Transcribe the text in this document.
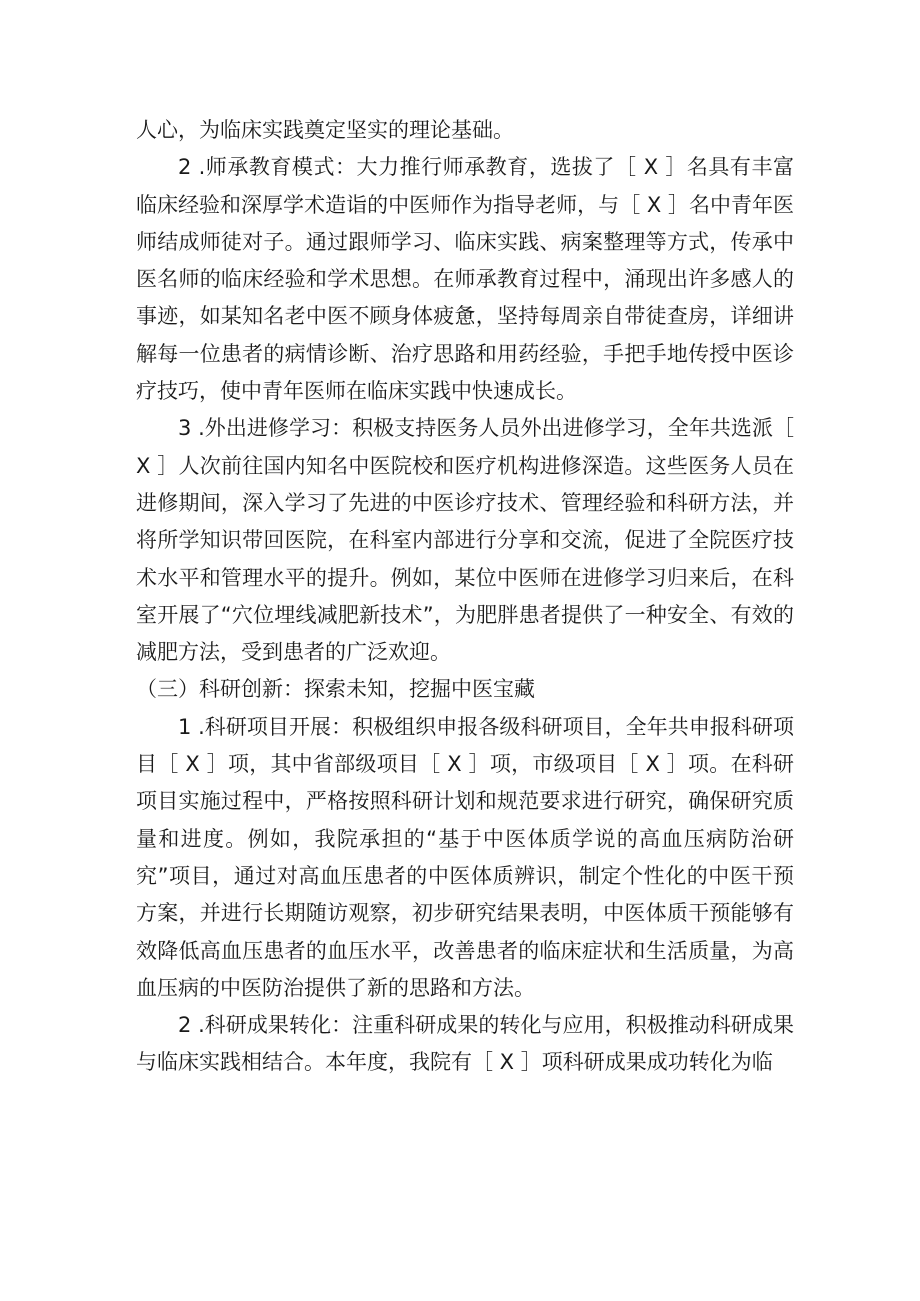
人心，为临床实践奠定坚实的理论基础。

2 .师承教育模式：大力推行师承教育，选拔了［ X ］名具有丰富临床经验和深厚学术造诣的中医师作为指导老师，与［ X ］名中青年医师结成师徒对子。通过跟师学习、临床实践、病案整理等方式，传承中医名师的临床经验和学术思想。在师承教育过程中，涌现出许多感人的事迹，如某知名老中医不顾身体疲惫，坚持每周亲自带徒查房，详细讲解每一位患者的病情诊断、治疗思路和用药经验，手把手地传授中医诊疗技巧，使中青年医师在临床实践中快速成长。

3 .外出进修学习：积极支持医务人员外出进修学习，全年共选派［ X ］人次前往国内知名中医院校和医疗机构进修深造。这些医务人员在进修期间，深入学习了先进的中医诊疗技术、管理经验和科研方法，并将所学知识带回医院，在科室内部进行分享和交流，促进了全院医疗技术水平和管理水平的提升。例如，某位中医师在进修学习归来后，在科室开展了“穴位埋线减肥新技术”，为肥胖患者提供了一种安全、有效的减肥方法，受到患者的广泛欢迎。

（三）科研创新：探索未知，挖掘中医宝藏

1 .科研项目开展：积极组织申报各级科研项目，全年共申报科研项目［ X ］项，其中省部级项目［ X ］项，市级项目［ X ］项。在科研项目实施过程中，严格按照科研计划和规范要求进行研究，确保研究质量和进度。例如，我院承担的“基于中医体质学说的高血压病防治研究”项目，通过对高血压患者的中医体质辨识，制定个性化的中医干预方案，并进行长期随访观察，初步研究结果表明，中医体质干预能够有效降低高血压患者的血压水平，改善患者的临床症状和生活质量，为高血压病的中医防治提供了新的思路和方法。

2 .科研成果转化：注重科研成果的转化与应用，积极推动科研成果与临床实践相结合。本年度，我院有［ X ］项科研成果成功转化为临
